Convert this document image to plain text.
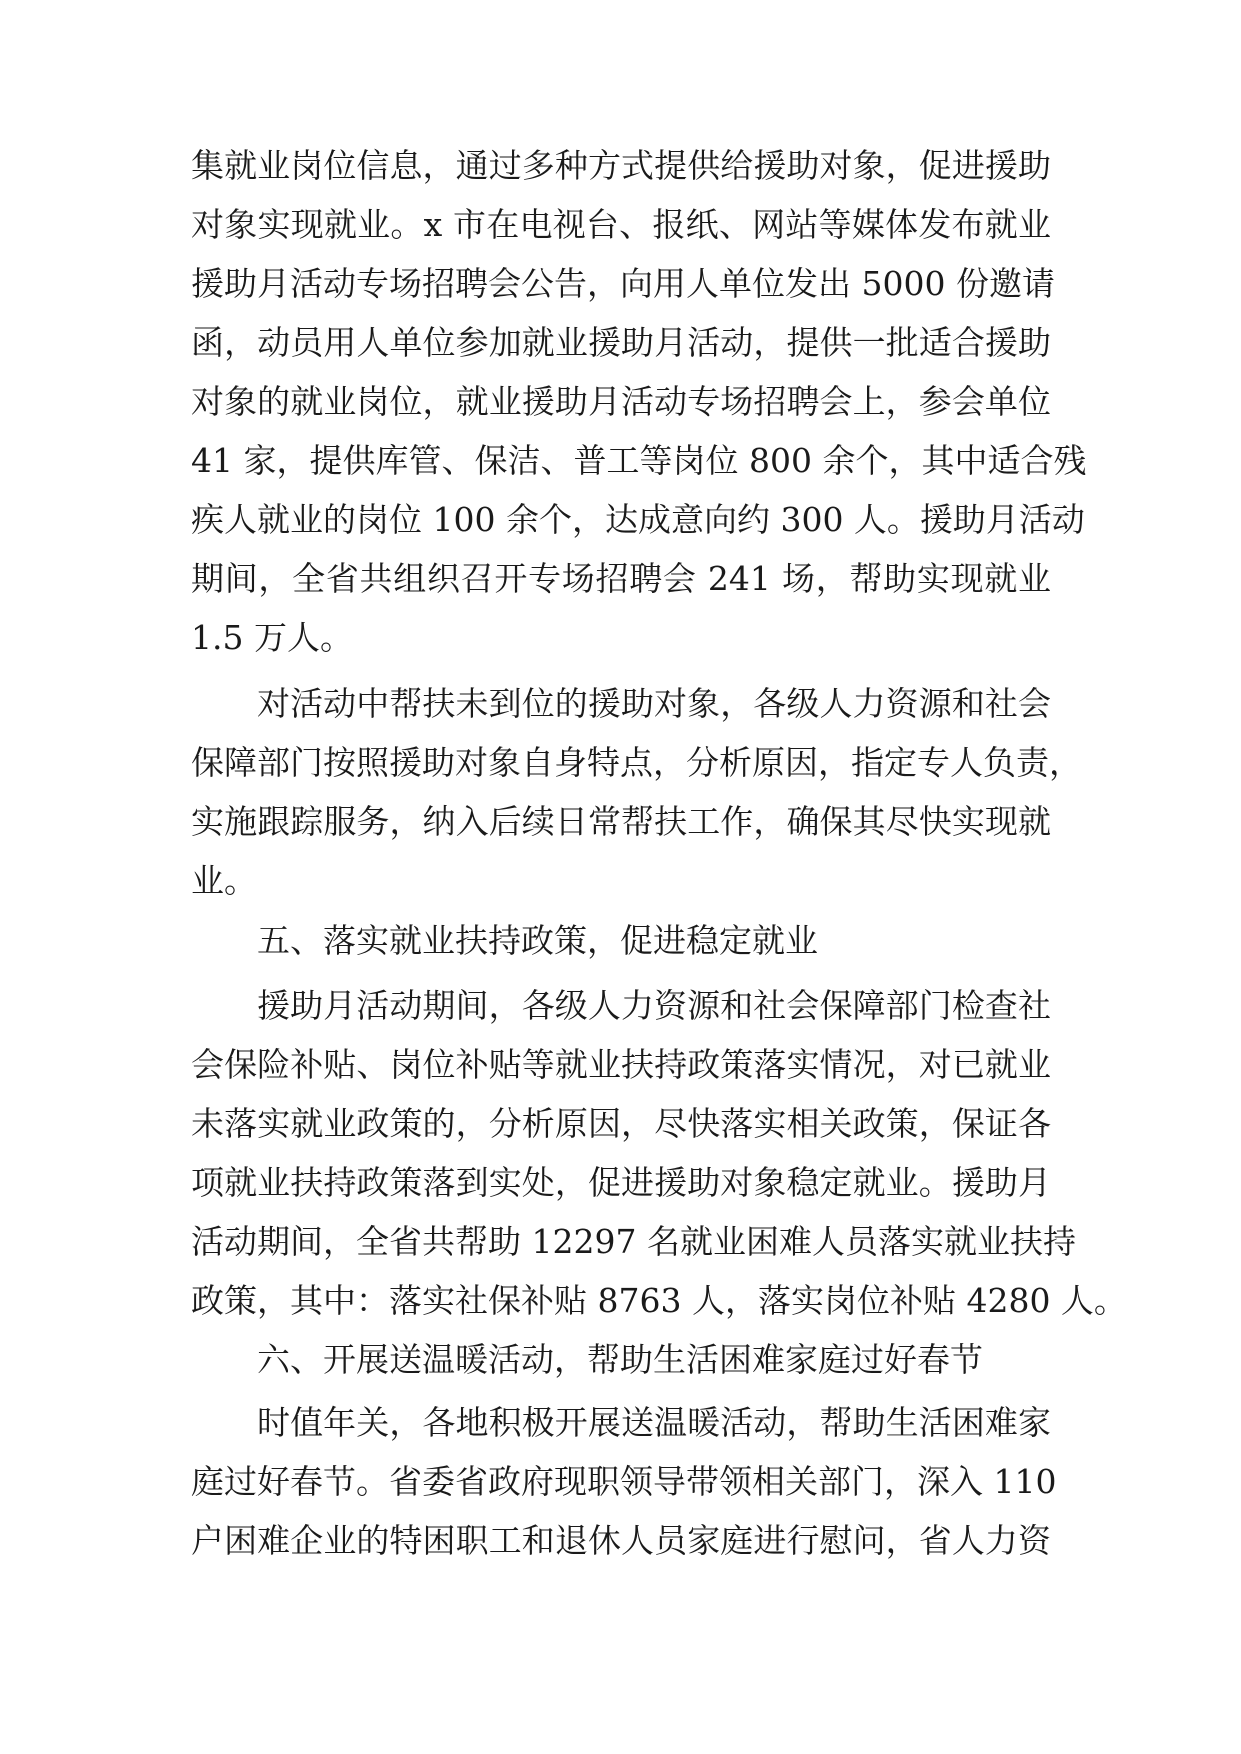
集就业岗位信息，通过多种方式提供给援助对象，促进援助

对象实现就业。x 市在电视台、报纸、网站等媒体发布就业

援助月活动专场招聘会公告，向用人单位发出 5000 份邀请

函，动员用人单位参加就业援助月活动，提供一批适合援助

对象的就业岗位，就业援助月活动专场招聘会上，参会单位

41 家，提供库管、保洁、普工等岗位 800 余个，其中适合残

疾人就业的岗位 100 余个，达成意向约 300 人。援助月活动

期间，全省共组织召开专场招聘会 241 场，帮助实现就业

1.5 万人。

对活动中帮扶未到位的援助对象，各级人力资源和社会

保障部门按照援助对象自身特点，分析原因，指定专人负责，

实施跟踪服务，纳入后续日常帮扶工作，确保其尽快实现就

业。

五、落实就业扶持政策，促进稳定就业

援助月活动期间，各级人力资源和社会保障部门检查社

会保险补贴、岗位补贴等就业扶持政策落实情况，对已就业

未落实就业政策的，分析原因，尽快落实相关政策，保证各

项就业扶持政策落到实处，促进援助对象稳定就业。援助月

活动期间，全省共帮助 12297 名就业困难人员落实就业扶持

政策，其中：落实社保补贴 8763 人，落实岗位补贴 4280 人。

六、开展送温暖活动，帮助生活困难家庭过好春节

时值年关，各地积极开展送温暖活动，帮助生活困难家

庭过好春节。省委省政府现职领导带领相关部门，深入 110

户困难企业的特困职工和退休人员家庭进行慰问，省人力资
